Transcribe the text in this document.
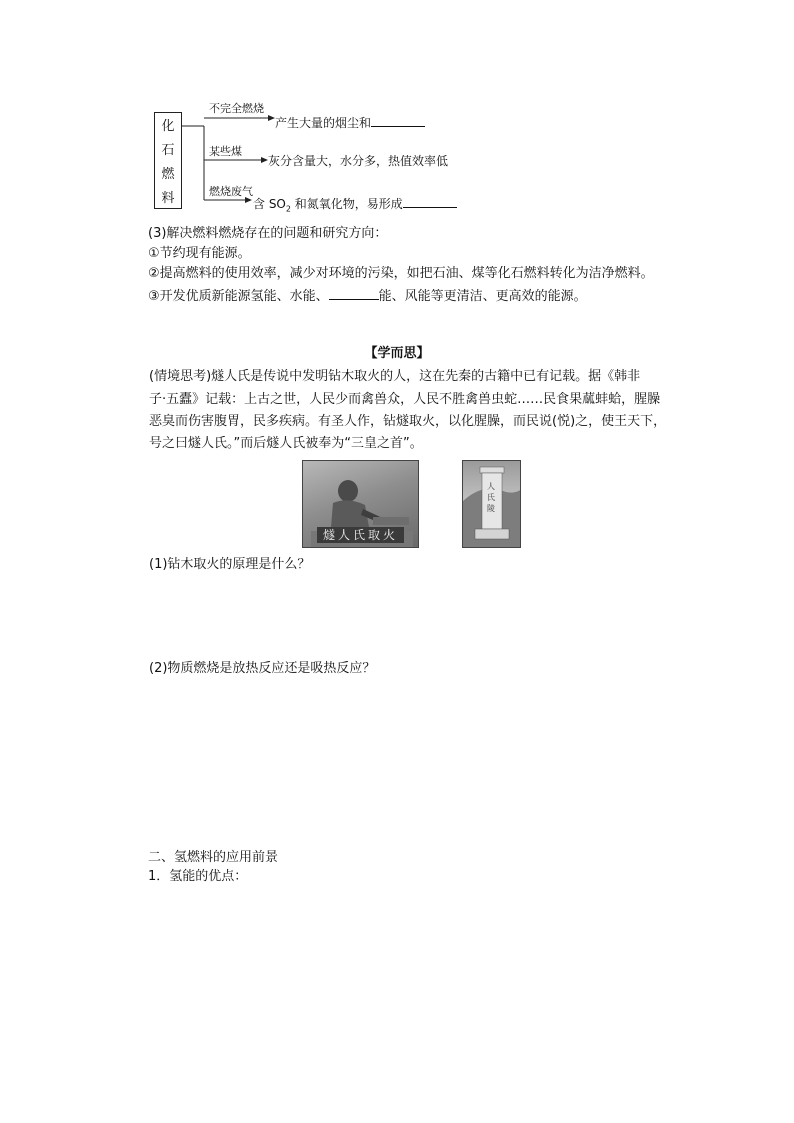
化
石
燃
料
不完全燃烧
产生大量的烟尘和
某些煤
灰分含量大，水分多，热值效率低
燃烧废气
含 $SO_2$ 和氮氧化物，易形成
(3)解决燃料燃烧存在的问题和研究方向：
①节约现有能源。
②提高燃料的使用效率，减少对环境的污染，如把石油、煤等化石燃料转化为洁净燃料。
③开发优质新能源氢能、水能、	能、风能等更清洁、更高效的能源。
【学而思】
(情境思考)燧人氏是传说中发明钻木取火的人，这在先秦的古籍中已有记载。据《韩非
子·五蠹》记载：上古之世，人民少而禽兽众，人民不胜禽兽虫蛇……民食果蓏蚌蛤，腥臊
恶臭而伤害腹胃，民多疾病。有圣人作，钻燧取火，以化腥臊，而民说(悦)之，使王天下，
号之曰燧人氏。”而后燧人氏被奉为“三皇之首”。
燧人氏取火
人氏陵
(1)钻木取火的原理是什么？
(2)物质燃烧是放热反应还是吸热反应？
二、氢燃料的应用前景
1．氢能的优点：
